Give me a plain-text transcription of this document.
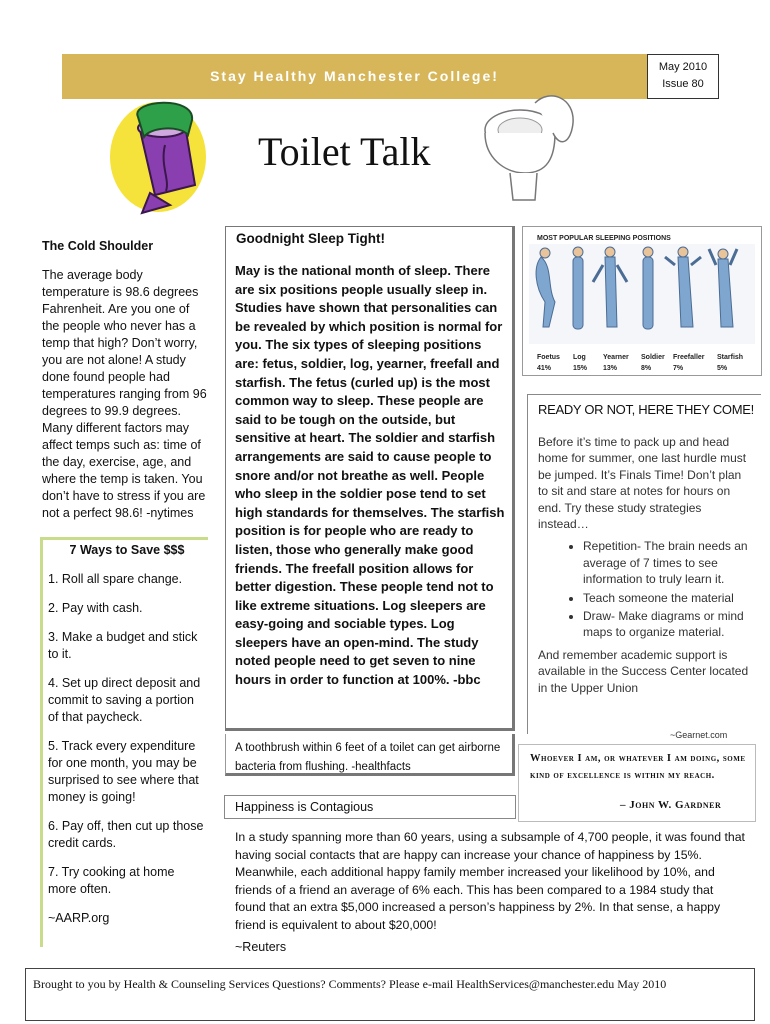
Stay Healthy Manchester College!
May 2010
Issue 80
Toilet Talk
The Cold Shoulder

The average body temperature is 98.6 degrees Fahrenheit. Are you one of the people who never has a temp that high? Don’t worry, you are not alone! A study done found people had temperatures ranging from 96 degrees to 99.9 degrees. Many different factors may affect temps such as: time of the day, exercise, age, and where the temp is taken. You don’t have to stress if you are not a perfect 98.6! -nytimes

7 Ways to Save $$$

1. Roll all spare change.

2. Pay with cash.

3. Make a budget and stick to it.

4. Set up direct deposit and commit to saving a portion of that paycheck.

5. Track every expenditure for one month, you may be surprised to see where that money is going!

6. Pay off, then cut up those credit cards.

7. Try cooking at home more often.

~AARP.org

Goodnight Sleep Tight!
May is the national month of sleep. There are six positions people usually sleep in. Studies have shown that personalities can be revealed by which position is normal for you. The six types of sleeping positions are: fetus, soldier, log, yearner, freefall and starfish. The fetus (curled up) is the most common way to sleep. These people are said to be tough on the outside, but sensitive at heart. The soldier and starfish arrangements are said to cause people to snore and/or not breathe as well. People who sleep in the soldier pose tend to set high standards for themselves. The starfish position is for people who are ready to listen, those who generally make good friends. The freefall position allows for better digestion. These people tend not to like extreme situations. Log sleepers are easy-going and sociable types. Log sleepers have an open-mind. The study noted people need to get seven to nine hours in order to function at 100%. -bbc
A toothbrush within 6 feet of a toilet can get airborne bacteria from flushing. -healthfacts
MOST POPULAR SLEEPING POSITIONS
Foetus
41%
Log
15%
Yearner
13%
Soldier
8%
Freefaller
7%
Starfish
5%
READY OR NOT, HERE THEY COME!
Before it’s time to pack up and head home for summer, one last hurdle must be jumped. It’s Finals Time! Don’t plan to sit and stare at notes for hours on end. Try these study strategies instead…
• Repetition- The brain needs an average of 7 times to see information to truly learn it.
• Teach someone the material
• Draw- Make diagrams or mind maps to organize material.
And remember academic support is available in the Success Center located in the Upper Union
~Gearnet.com
Whoever I am, or whatever I am doing, some kind of excellence is within my reach.
– John W. Gardner
Happiness is Contagious
In a study spanning more than 60 years, using a subsample of 4,700 people, it was found that having social contacts that are happy can increase your chance of happiness by 15%. Meanwhile, each additional happy family member increased your likelihood by 10%, and friends of a friend an average of 6% each. This has been compared to a 1984 study that found that an extra $5,000 increased a person’s happiness by 2%. In that sense, a happy friend is equivalent to about $20,000!
~Reuters
Brought to you by Health & Counseling Services Questions? Comments? Please e-mail HealthServices@manchester.edu May 2010
